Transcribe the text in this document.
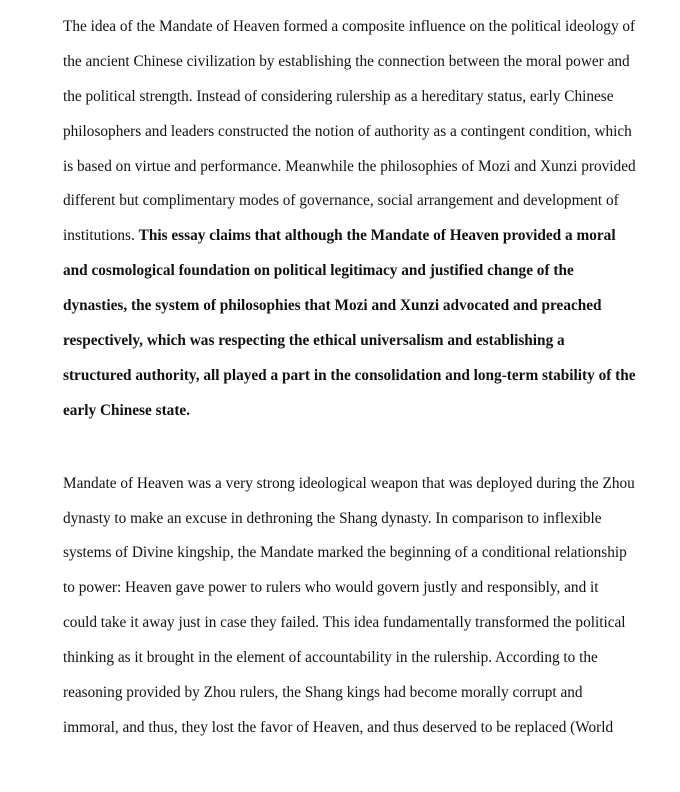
The idea of the Mandate of Heaven formed a composite influence on the political ideology of
the ancient Chinese civilization by establishing the connection between the moral power and
the political strength. Instead of considering rulership as a hereditary status, early Chinese
philosophers and leaders constructed the notion of authority as a contingent condition, which
is based on virtue and performance. Meanwhile the philosophies of Mozi and Xunzi provided
different but complimentary modes of governance, social arrangement and development of
institutions. This essay claims that although the Mandate of Heaven provided a moral
and cosmological foundation on political legitimacy and justified change of the
dynasties, the system of philosophies that Mozi and Xunzi advocated and preached
respectively, which was respecting the ethical universalism and establishing a
structured authority, all played a part in the consolidation and long-term stability of the
early Chinese state.
Mandate of Heaven was a very strong ideological weapon that was deployed during the Zhou
dynasty to make an excuse in dethroning the Shang dynasty. In comparison to inflexible
systems of Divine kingship, the Mandate marked the beginning of a conditional relationship
to power: Heaven gave power to rulers who would govern justly and responsibly, and it
could take it away just in case they failed. This idea fundamentally transformed the political
thinking as it brought in the element of accountability in the rulership. According to the
reasoning provided by Zhou rulers, the Shang kings had become morally corrupt and
immoral, and thus, they lost the favor of Heaven, and thus deserved to be replaced (World
